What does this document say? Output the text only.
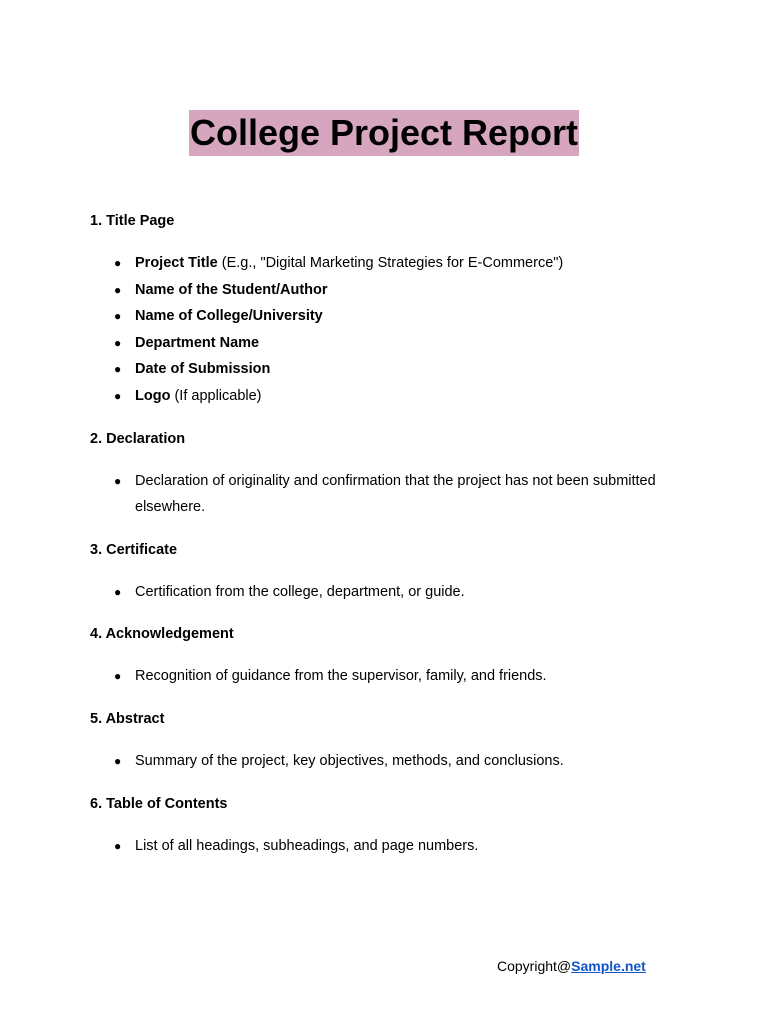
College Project Report

1. Title Page

● Project Title (E.g., "Digital Marketing Strategies for E-Commerce")
● Name of the Student/Author
● Name of College/University
● Department Name
● Date of Submission
● Logo (If applicable)

2. Declaration

● Declaration of originality and confirmation that the project has not been submitted elsewhere.

3. Certificate

● Certification from the college, department, or guide.

4. Acknowledgement

● Recognition of guidance from the supervisor, family, and friends.

5. Abstract

● Summary of the project, key objectives, methods, and conclusions.

6. Table of Contents

● List of all headings, subheadings, and page numbers.
Copyright@Sample.net
